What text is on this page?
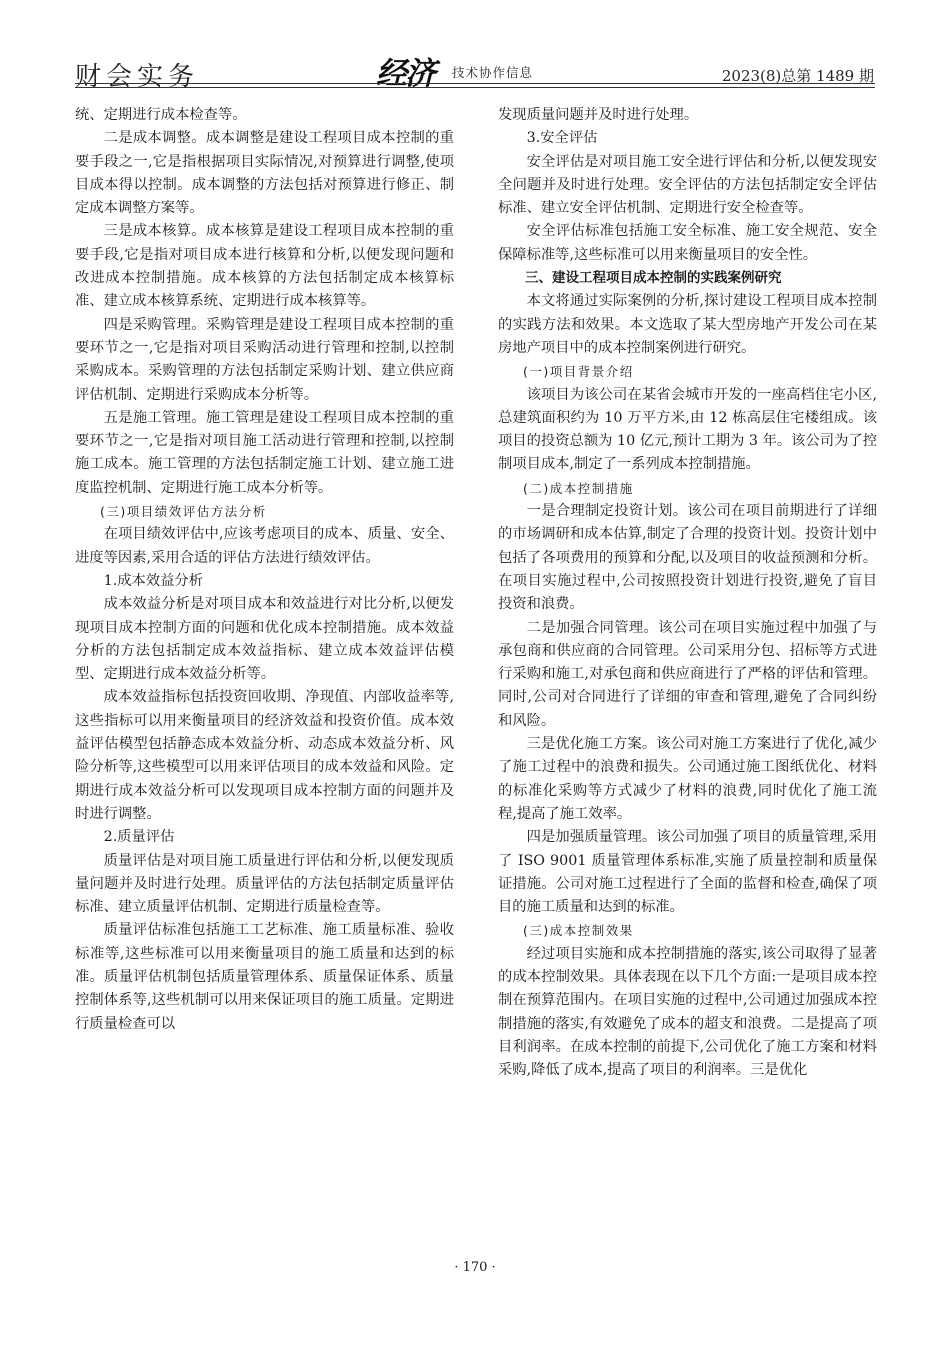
财会实务	经济 技术协作信息	2023(8)总第 1489 期

统、定期进行成本检查等。

二是成本调整。成本调整是建设工程项目成本控制的重要手段之一,它是指根据项目实际情况,对预算进行调整,使项目成本得以控制。成本调整的方法包括对预算进行修正、制定成本调整方案等。

三是成本核算。成本核算是建设工程项目成本控制的重要手段,它是指对项目成本进行核算和分析,以便发现问题和改进成本控制措施。成本核算的方法包括制定成本核算标准、建立成本核算系统、定期进行成本核算等。

四是采购管理。采购管理是建设工程项目成本控制的重要环节之一,它是指对项目采购活动进行管理和控制,以控制采购成本。采购管理的方法包括制定采购计划、建立供应商评估机制、定期进行采购成本分析等。

五是施工管理。施工管理是建设工程项目成本控制的重要环节之一,它是指对项目施工活动进行管理和控制,以控制施工成本。施工管理的方法包括制定施工计划、建立施工进度监控机制、定期进行施工成本分析等。

(三)项目绩效评估方法分析

在项目绩效评估中,应该考虑项目的成本、质量、安全、进度等因素,采用合适的评估方法进行绩效评估。

1.成本效益分析

成本效益分析是对项目成本和效益进行对比分析,以便发现项目成本控制方面的问题和优化成本控制措施。成本效益分析的方法包括制定成本效益指标、建立成本效益评估模型、定期进行成本效益分析等。

成本效益指标包括投资回收期、净现值、内部收益率等,这些指标可以用来衡量项目的经济效益和投资价值。成本效益评估模型包括静态成本效益分析、动态成本效益分析、风险分析等,这些模型可以用来评估项目的成本效益和风险。定期进行成本效益分析可以发现项目成本控制方面的问题并及时进行调整。

2.质量评估

质量评估是对项目施工质量进行评估和分析,以便发现质量问题并及时进行处理。质量评估的方法包括制定质量评估标准、建立质量评估机制、定期进行质量检查等。

质量评估标准包括施工工艺标准、施工质量标准、验收标准等,这些标准可以用来衡量项目的施工质量和达到的标准。质量评估机制包括质量管理体系、质量保证体系、质量控制体系等,这些机制可以用来保证项目的施工质量。定期进行质量检查可以

发现质量问题并及时进行处理。

3.安全评估

安全评估是对项目施工安全进行评估和分析,以便发现安全问题并及时进行处理。安全评估的方法包括制定安全评估标准、建立安全评估机制、定期进行安全检查等。

安全评估标准包括施工安全标准、施工安全规范、安全保障标准等,这些标准可以用来衡量项目的安全性。

三、建设工程项目成本控制的实践案例研究

本文将通过实际案例的分析,探讨建设工程项目成本控制的实践方法和效果。本文选取了某大型房地产开发公司在某房地产项目中的成本控制案例进行研究。

(一)项目背景介绍

该项目为该公司在某省会城市开发的一座高档住宅小区,总建筑面积约为 10 万平方米,由 12 栋高层住宅楼组成。该项目的投资总额为 10 亿元,预计工期为 3 年。该公司为了控制项目成本,制定了一系列成本控制措施。

(二)成本控制措施

一是合理制定投资计划。该公司在项目前期进行了详细的市场调研和成本估算,制定了合理的投资计划。投资计划中包括了各项费用的预算和分配,以及项目的收益预测和分析。在项目实施过程中,公司按照投资计划进行投资,避免了盲目投资和浪费。

二是加强合同管理。该公司在项目实施过程中加强了与承包商和供应商的合同管理。公司采用分包、招标等方式进行采购和施工,对承包商和供应商进行了严格的评估和管理。同时,公司对合同进行了详细的审查和管理,避免了合同纠纷和风险。

三是优化施工方案。该公司对施工方案进行了优化,减少了施工过程中的浪费和损失。公司通过施工图纸优化、材料的标准化采购等方式减少了材料的浪费,同时优化了施工流程,提高了施工效率。

四是加强质量管理。该公司加强了项目的质量管理,采用了 ISO 9001 质量管理体系标准,实施了质量控制和质量保证措施。公司对施工过程进行了全面的监督和检查,确保了项目的施工质量和达到的标准。

(三)成本控制效果

经过项目实施和成本控制措施的落实,该公司取得了显著的成本控制效果。具体表现在以下几个方面:一是项目成本控制在预算范围内。在项目实施的过程中,公司通过加强成本控制措施的落实,有效避免了成本的超支和浪费。二是提高了项目利润率。在成本控制的前提下,公司优化了施工方案和材料采购,降低了成本,提高了项目的利润率。三是优化

· 170 ·
